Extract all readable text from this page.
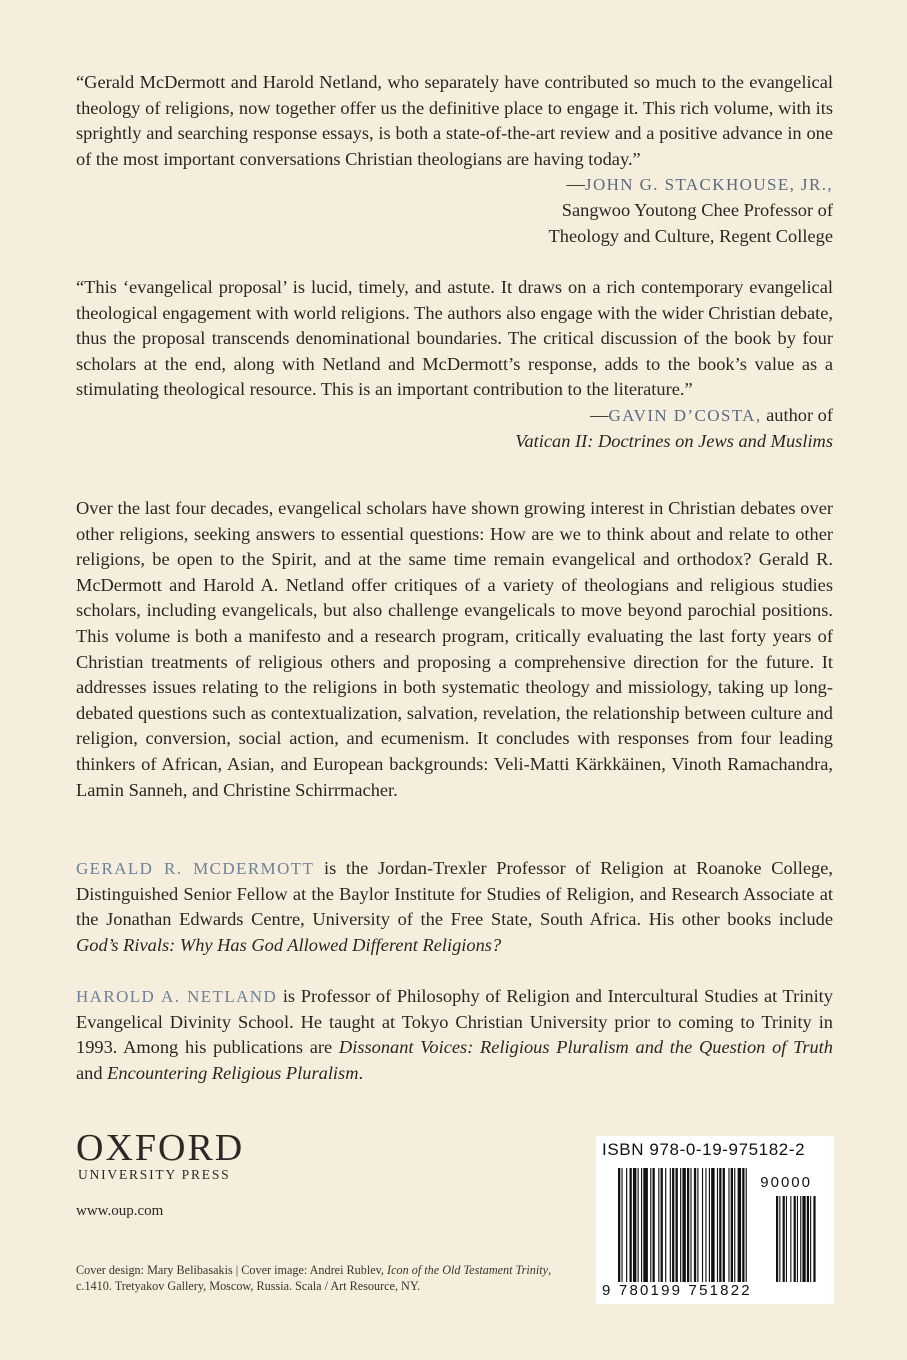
“Gerald McDermott and Harold Netland, who separately have contributed so much to the evangelical theology of religions, now together offer us the definitive place to engage it. This rich volume, with its sprightly and searching response essays, is both a state-of-the-art review and a positive advance in one of the most important conversations Christian theologians are having today.”

—JOHN G. STACKHOUSE, JR.,

Sangwoo Youtong Chee Professor of

Theology and Culture, Regent College

“This ‘evangelical proposal’ is lucid, timely, and astute. It draws on a rich contemporary evangelical theological engagement with world religions. The authors also engage with the wider Christian debate, thus the proposal transcends denominational boundaries. The critical discussion of the book by four scholars at the end, along with Netland and McDermott’s response, adds to the book’s value as a stimulating theological resource. This is an important contribution to the literature.”

—GAVIN D’COSTA, author of

Vatican II: Doctrines on Jews and Muslims

Over the last four decades, evangelical scholars have shown growing interest in Christian debates over other religions, seeking answers to essential questions: How are we to think about and relate to other religions, be open to the Spirit, and at the same time remain evangelical and orthodox? Gerald R. McDermott and Harold A. Netland offer critiques of a variety of theologians and religious studies scholars, including evangelicals, but also challenge evangelicals to move beyond parochial positions. This volume is both a manifesto and a research program, critically evaluating the last forty years of Christian treatments of religious others and proposing a comprehensive direction for the future. It addresses issues relating to the religions in both systematic theology and missiology, taking up long-debated questions such as contextualization, salvation, revelation, the relationship between culture and religion, conversion, social action, and ecumenism. It concludes with responses from four leading thinkers of African, Asian, and European backgrounds: Veli-Matti Kärkkäinen, Vinoth Ramachandra, Lamin Sanneh, and Christine Schirrmacher.

GERALD R. MCDERMOTT is the Jordan-Trexler Professor of Religion at Roanoke College, Distinguished Senior Fellow at the Baylor Institute for Studies of Religion, and Research Associate at the Jonathan Edwards Centre, University of the Free State, South Africa. His other books include God’s Rivals: Why Has God Allowed Different Religions?

HAROLD A. NETLAND is Professor of Philosophy of Religion and Intercultural Studies at Trinity Evangelical Divinity School. He taught at Tokyo Christian University prior to coming to Trinity in 1993. Among his publications are Dissonant Voices: Religious Pluralism and the Question of Truth and Encountering Religious Pluralism.

OXFORD
UNIVERSITY PRESS
www.oup.com
Cover design: Mary Belibasakis | Cover image: Andrei Rublev, Icon of the Old Testament Trinity, c.1410. Tretyakov Gallery, Moscow, Russia. Scala / Art Resource, NY.
ISBN 978-0-19-975182-2
90000
9 780199 751822
